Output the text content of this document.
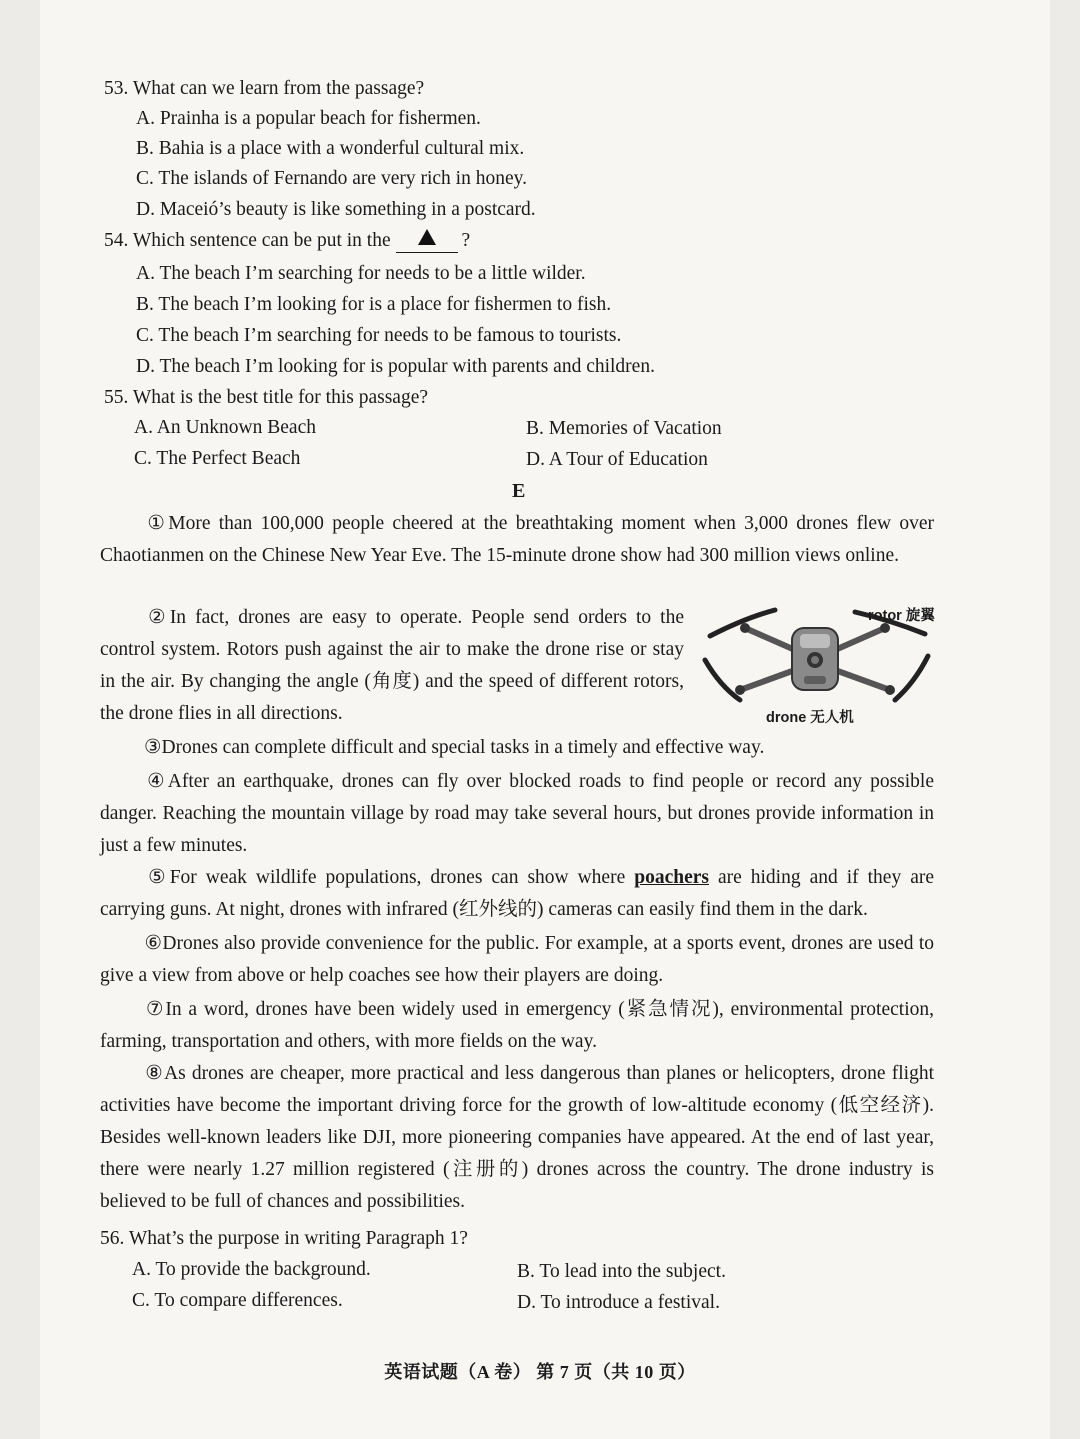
53. What can we learn from the passage?
A. Prainha is a popular beach for fishermen.
B. Bahia is a place with a wonderful cultural mix.
C. The islands of Fernando are very rich in honey.
D. Maceió’s beauty is like something in a postcard.
54. Which sentence can be put in the	?
A. The beach I’m searching for needs to be a little wilder.
B. The beach I’m looking for is a place for fishermen to fish.
C. The beach I’m searching for needs to be famous to tourists.
D. The beach I’m looking for is popular with parents and children.
55. What is the best title for this passage?
A. An Unknown Beach	B. Memories of Vacation
C. The Perfect Beach	D. A Tour of Education
E
①More than 100,000 people cheered at the breathtaking moment when 3,000 drones flew over Chaotianmen on the Chinese New Year Eve. The 15-minute drone show had 300 million views online.
②In fact, drones are easy to operate. People send orders to the control system. Rotors push against the air to make the drone rise or stay in the air. By changing the angle (角度) and the speed of different rotors, the drone flies in all directions.
rotor 旋翼
drone 无人机
③Drones can complete difficult and special tasks in a timely and effective way.
④After an earthquake, drones can fly over blocked roads to find people or record any possible danger. Reaching the mountain village by road may take several hours, but drones provide information in just a few minutes.
⑤For weak wildlife populations, drones can show where poachers are hiding and if they are carrying guns. At night, drones with infrared (红外线的) cameras can easily find them in the dark.
⑥Drones also provide convenience for the public. For example, at a sports event, drones are used to give a view from above or help coaches see how their players are doing.
⑦In a word, drones have been widely used in emergency (紧急情况), environmental protection, farming, transportation and others, with more fields on the way.
⑧As drones are cheaper, more practical and less dangerous than planes or helicopters, drone flight activities have become the important driving force for the growth of low-altitude economy (低空经济). Besides well-known leaders like DJI, more pioneering companies have appeared. At the end of last year, there were nearly 1.27 million registered (注册的) drones across the country. The drone industry is believed to be full of chances and possibilities.
56. What’s the purpose in writing Paragraph 1?
A. To provide the background.	B. To lead into the subject.
C. To compare differences.	D. To introduce a festival.
英语试题（A 卷） 第 7 页（共 10 页）
